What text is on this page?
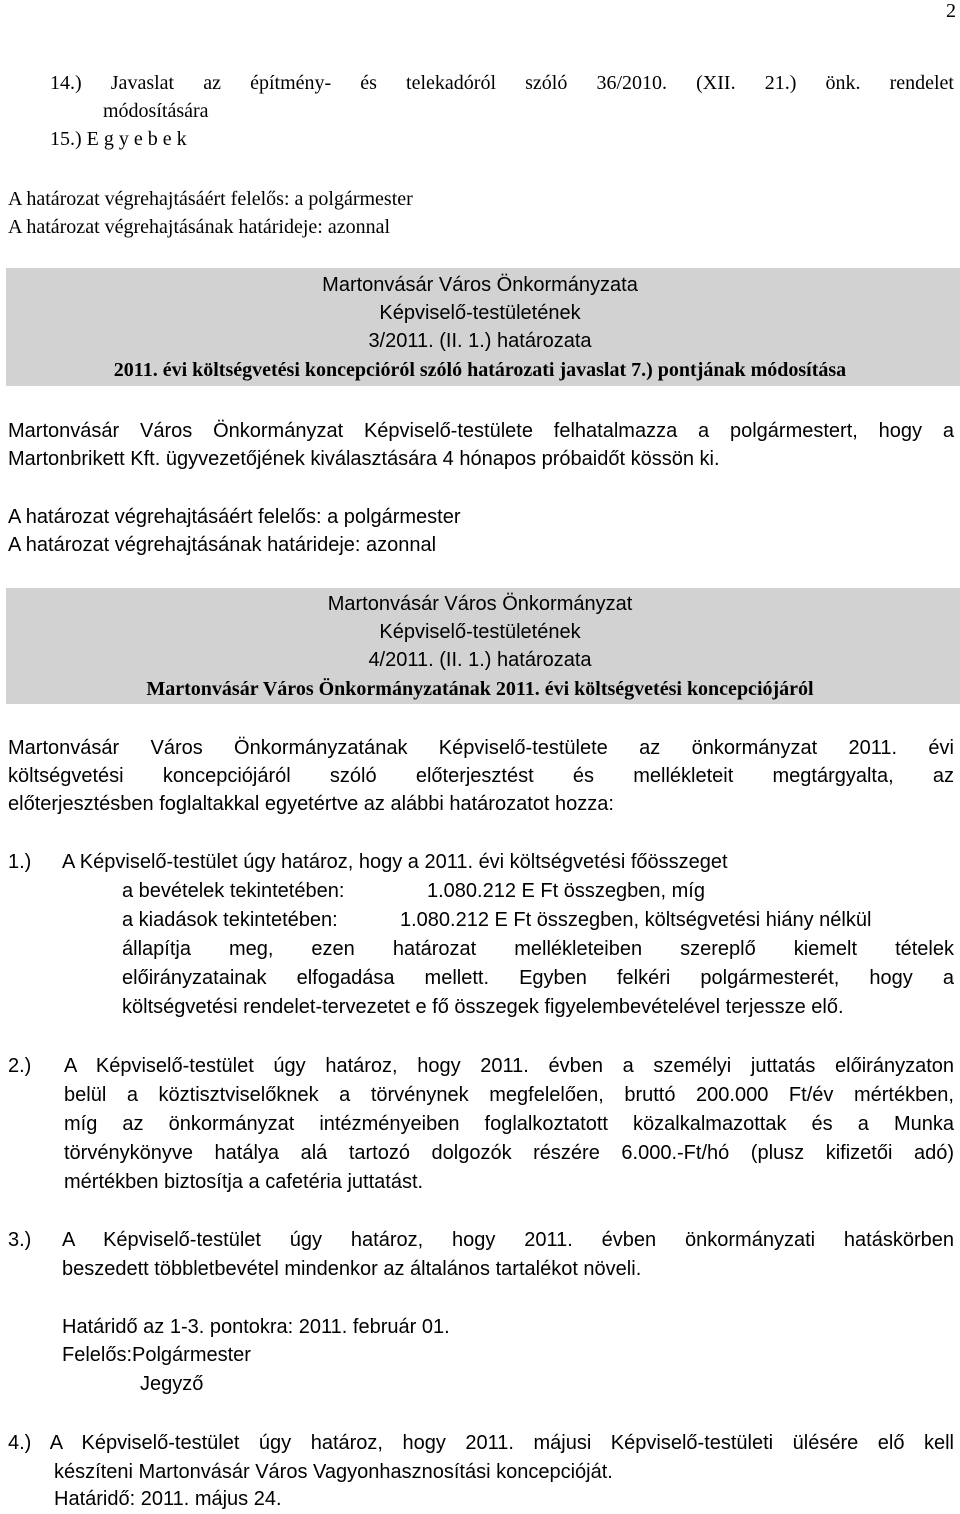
2
14.) Javaslat az építmény- és telekadóról szóló 36/2010. (XII. 21.) önk. rendelet
módosítására
15.) E g y e b e k
A határozat végrehajtásáért felelős: a polgármester
A határozat végrehajtásának határideje: azonnal
Martonvásár Város Önkormányzata
Képviselő-testületének
3/2011. (II. 1.) határozata
2011. évi költségvetési koncepcióról szóló határozati javaslat 7.) pontjának módosítása
Martonvásár Város Önkormányzat Képviselő-testülete felhatalmazza a polgármestert, hogy a
Martonbrikett Kft. ügyvezetőjének kiválasztására 4 hónapos próbaidőt kössön ki.
A határozat végrehajtásáért felelős: a polgármester
A határozat végrehajtásának határideje: azonnal
Martonvásár Város Önkormányzat
Képviselő-testületének
4/2011. (II. 1.) határozata
Martonvásár Város Önkormányzatának 2011. évi költségvetési koncepciójáról
Martonvásár Város Önkormányzatának Képviselő-testülete az önkormányzat 2011. évi
költségvetési koncepciójáról szóló előterjesztést és mellékleteit megtárgyalta, az
előterjesztésben foglaltakkal egyetértve az alábbi határozatot hozza:
1.) A Képviselő-testület úgy határoz, hogy a 2011. évi költségvetési főösszeget
a bevételek tekintetében:	1.080.212 E Ft összegben, míg
a kiadások tekintetében:	1.080.212 E Ft összegben, költségvetési hiány nélkül
állapítja meg, ezen határozat mellékleteiben szereplő kiemelt tételek
előirányzatainak elfogadása mellett. Egyben felkéri polgármesterét, hogy a
költségvetési rendelet-tervezetet e fő összegek figyelembevételével terjessze elő.
2.) A Képviselő-testület úgy határoz, hogy 2011. évben a személyi juttatás előirányzaton
belül a köztisztviselőknek a törvénynek megfelelően, bruttó 200.000 Ft/év mértékben,
míg az önkormányzat intézményeiben foglalkoztatott közalkalmazottak és a Munka
törvénykönyve hatálya alá tartozó dolgozók részére 6.000.-Ft/hó (plusz kifizetői adó)
mértékben biztosítja a cafetéria juttatást.
3.) A Képviselő-testület úgy határoz, hogy 2011. évben önkormányzati hatáskörben
beszedett többletbevétel mindenkor az általános tartalékot növeli.
Határidő az 1-3. pontokra: 2011. február 01.
Felelős:Polgármester
Jegyző
4.) A Képviselő-testület úgy határoz, hogy 2011. májusi Képviselő-testületi ülésére elő kell
készíteni Martonvásár Város Vagyonhasznosítási koncepcióját.
Határidő: 2011. május 24.
